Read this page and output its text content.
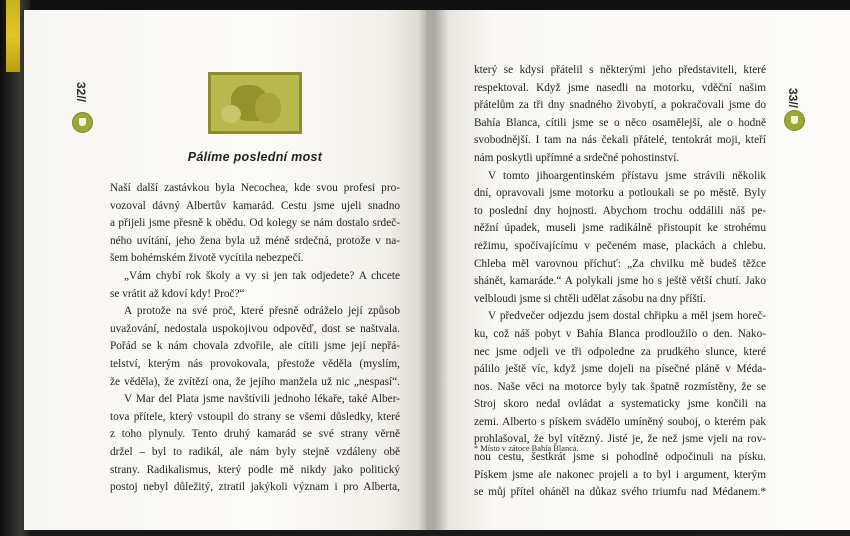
32//
Pálíme poslední most
Naší další zastávkou byla Necochea, kde svou profesi pro-
vozoval dávný Albertův kamarád. Cestu jsme ujeli snadno
a přijeli jsme přesně k obědu. Od kolegy se nám dostalo srdeč-
ného uvítání, jeho žena byla už méně srdečná, protože v na-
šem bohémském životě vycítila nebezpečí.
„Vám chybí rok školy a vy si jen tak odjedete? A chcete
se vrátit až kdoví kdy! Proč?“
A protože na své proč, které přesně odráželo její způsob
uvažování, nedostala uspokojivou odpověď, dost se naštvala.
Pořád se k nám chovala zdvořile, ale cítili jsme její nepřá-
telství, kterým nás provokovala, přestože věděla (myslím,
že věděla), že zvítězí ona, že jejího manžela už nic „nespasí“.
V Mar del Plata jsme navštívili jednoho lékaře, také Alber-
tova přítele, který vstoupil do strany se všemi důsledky, které
z toho plynuly. Tento druhý kamarád se své strany věrně
držel – byl to radikál, ale nám byly stejně vzdáleny obě
strany. Radikalismus, který podle mě nikdy jako politický
postoj nebyl důležitý, ztratil jakýkoli význam i pro Alberta,
33//
který se kdysi přátelil s některými jeho představiteli, které
respektoval. Když jsme nasedli na motorku, vděční našim
přátelům za tři dny snadného živobytí, a pokračovali jsme do
Bahía Blanca, cítili jsme se o něco osamělejší, ale o hodně
svobodnější. I tam na nás čekali přátelé, tentokrát moji, kteří
nám poskytli upřímné a srdečné pohostinství.
V tomto jihoargentinském přístavu jsme strávili několik
dní, opravovali jsme motorku a potloukali se po městě. Byly
to poslední dny hojnosti. Abychom trochu oddálili náš pe-
něžní úpadek, museli jsme radikálně přistoupit ke strohému
režimu, spočívajícímu v pečeném mase, plackách a chlebu.
Chleba měl varovnou příchuť: „Za chvilku mě budeš těžce
shánět, kamaráde.“ A polykali jsme ho s ještě větší chutí. Jako
velbloudi jsme si chtěli udělat zásobu na dny příští.
V předvečer odjezdu jsem dostal chřipku a měl jsem horeč-
ku, což náš pobyt v Bahía Blanca prodloužilo o den. Nako-
nec jsme odjeli ve tři odpoledne za prudkého slunce, které
pálilo ještě víc, když jsme dojeli na písečné pláně v Méda-
nos. Naše věci na motorce byly tak špatně rozmístěny, že se
Stroj skoro nedal ovládat a systematicky jsme končili na
zemi. Alberto s pískem svádělo umíněný souboj, o kterém pak
prohlašoval, že byl vítězný. Jisté je, že než jsme vjeli na rov-
nou cestu, šestkrát jsme si pohodlně odpočinuli na písku.
Pískem jsme ale nakonec projeli a to byl i argument, kterým
se můj přítel oháněl na důkaz svého triumfu nad Médanem.*
* Místo v zátoce Bahía Blanca.
